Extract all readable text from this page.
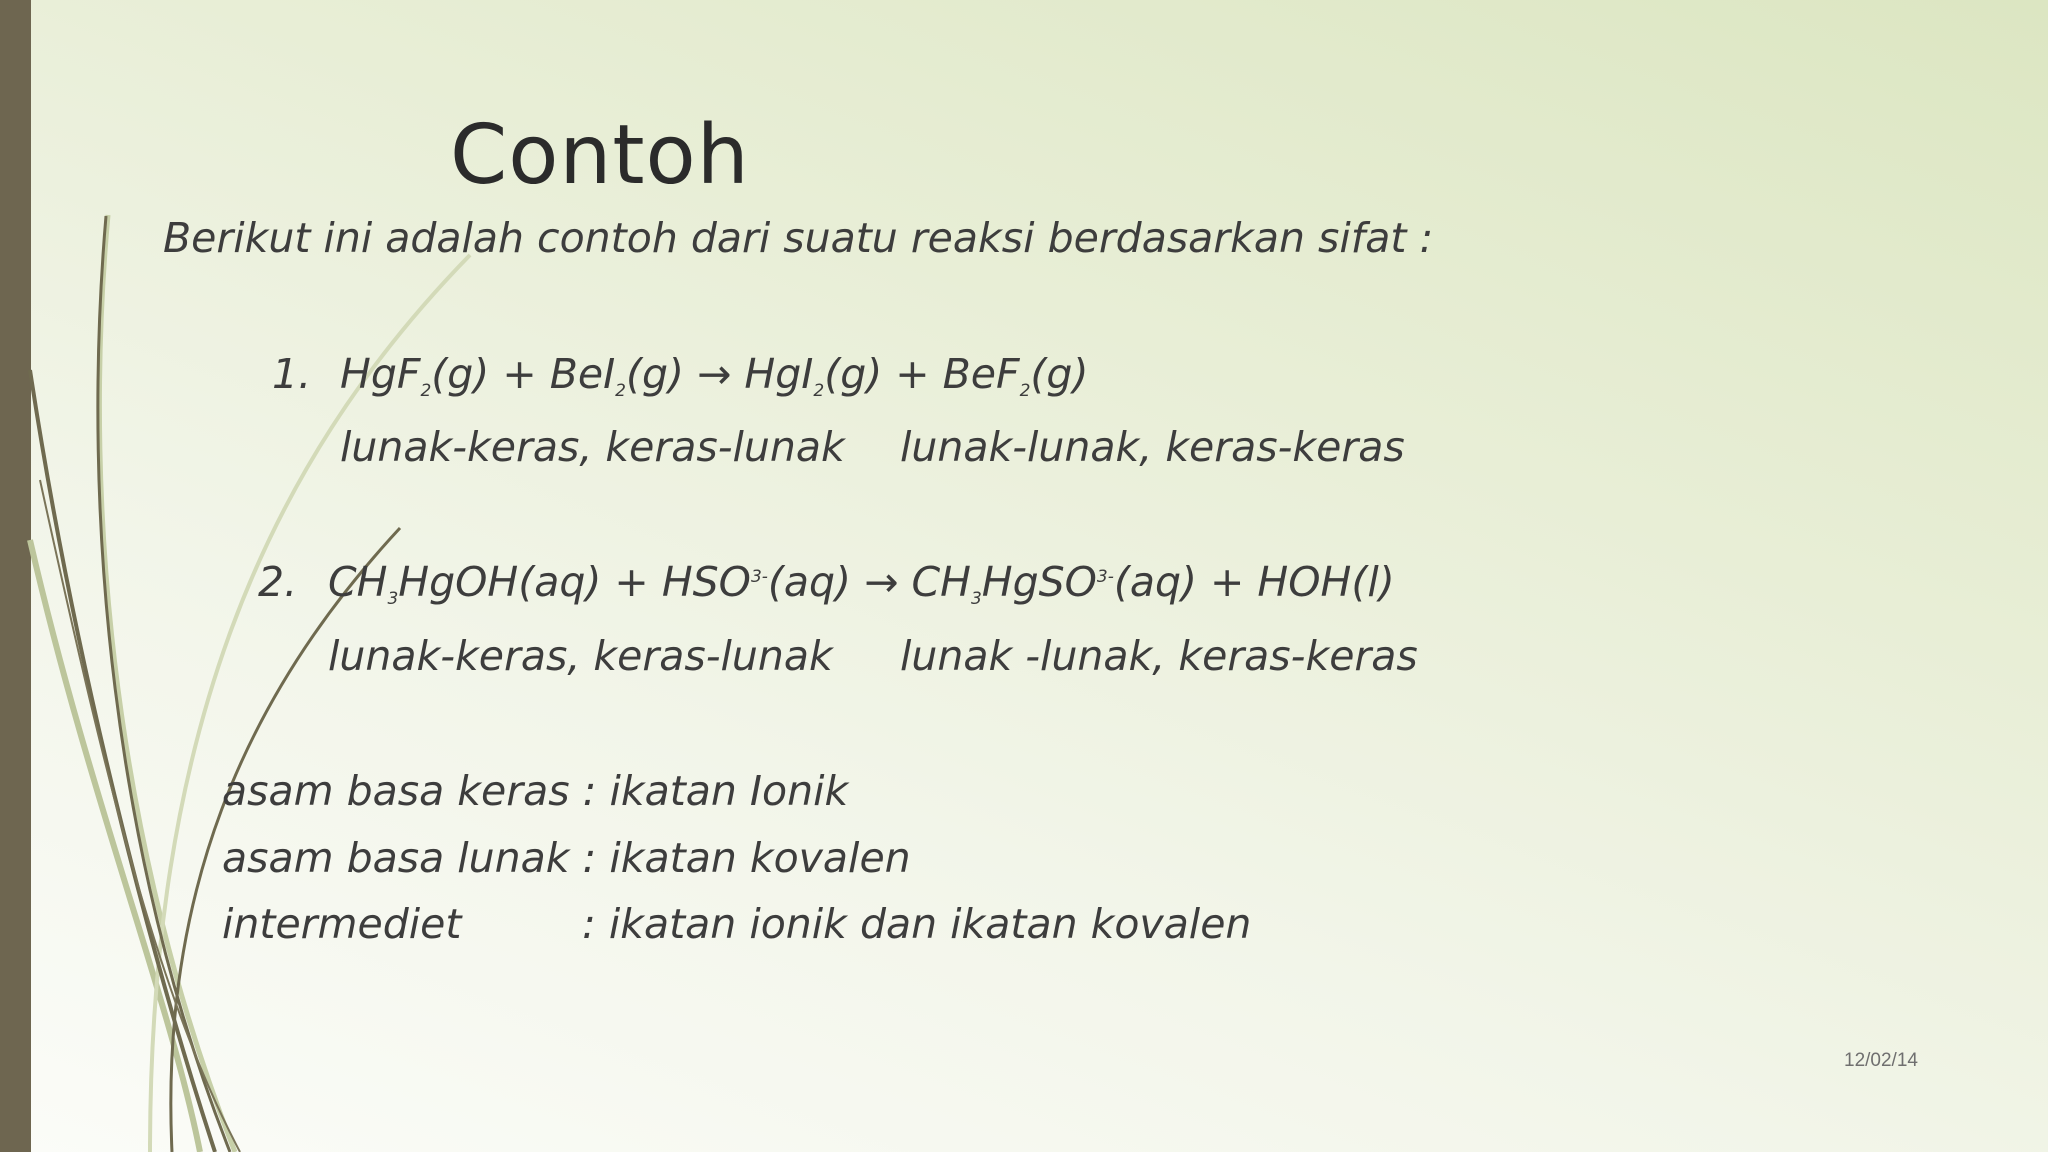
Contoh
Berikut ini adalah contoh dari suatu reaksi berdasarkan sifat :
1. HgF$_2$(g) + BeI$_2$(g) → HgI$_2$(g) + BeF$_2$(g)
lunak-keras, keras-lunak lunak-lunak, keras-keras
2. $CH_3HgOH(aq) + HSO^{3-}(aq)$ → $CH_3HgSO^{3-}(aq) + HOH(l)$
lunak-keras, keras-lunak lunak -lunak, keras-keras
asam basa keras : ikatan Ionik
asam basa lunak : ikatan kovalen
intermediet	: ikatan ionik dan ikatan kovalen
12/02/14
